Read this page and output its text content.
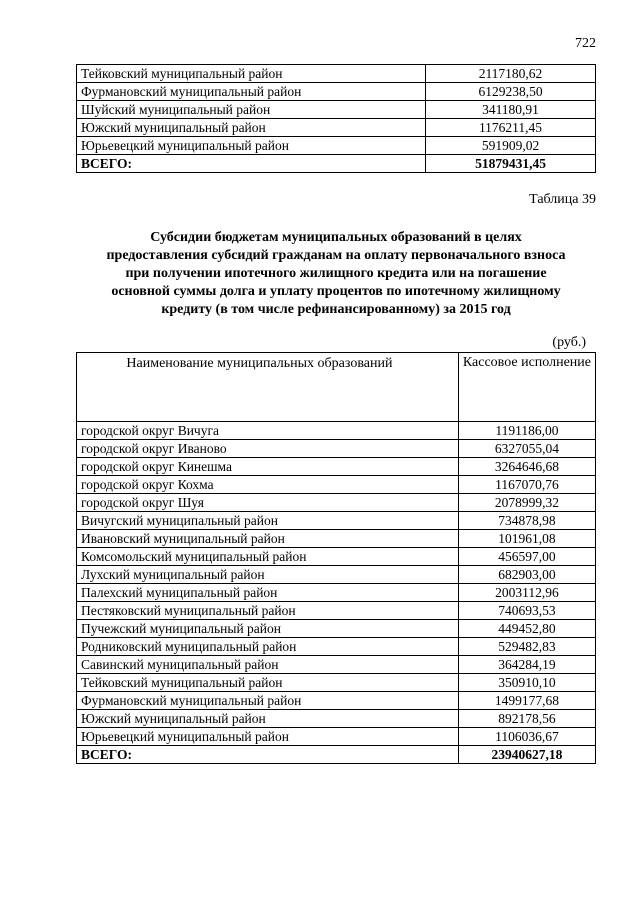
722
Тейковский муниципальный район	2117180,62
Фурмановский муниципальный район	6129238,50
Шуйский муниципальный район	341180,91
Южский муниципальный район	1176211,45
Юрьевецкий муниципальный район	591909,02
ВСЕГО:	51879431,45
Таблица 39
Субсидии бюджетам муниципальных образований в целях
предоставления субсидий гражданам на оплату первоначального взноса
при получении ипотечного жилищного кредита или на погашение
основной суммы долга и уплату процентов по ипотечному жилищному
кредиту (в том числе рефинансированному) за 2015 год
(руб.)
Наименование муниципальных образований	Кассовое исполнение
городской округ Вичуга	1191186,00
городской округ Иваново	6327055,04
городской округ Кинешма	3264646,68
городской округ Кохма	1167070,76
городской округ Шуя	2078999,32
Вичугский муниципальный район	734878,98
Ивановский муниципальный район	101961,08
Комсомольский муниципальный район	456597,00
Лухский муниципальный район	682903,00
Палехский муниципальный район	2003112,96
Пестяковский муниципальный район	740693,53
Пучежский муниципальный район	449452,80
Родниковский муниципальный район	529482,83
Савинский муниципальный район	364284,19
Тейковский муниципальный район	350910,10
Фурмановский муниципальный район	1499177,68
Южский муниципальный район	892178,56
Юрьевецкий муниципальный район	1106036,67
ВСЕГО:	23940627,18
